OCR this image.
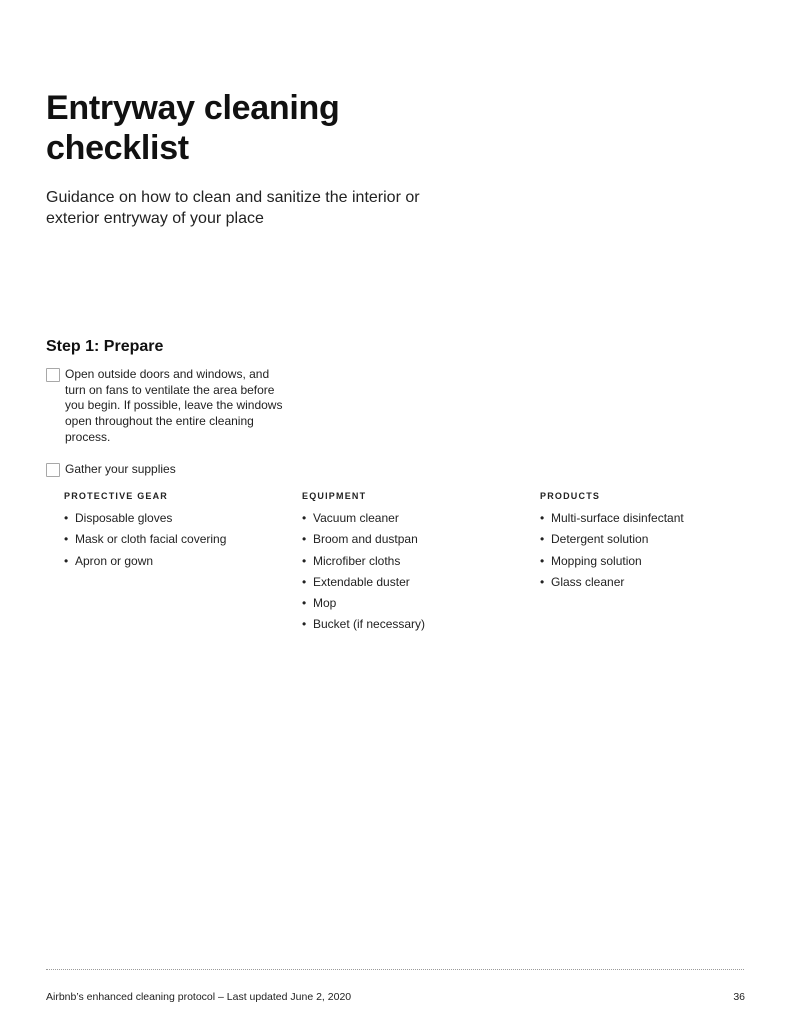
Entryway cleaning checklist

Guidance on how to clean and sanitize the interior or exterior entryway of your place

Step 1: Prepare
Open outside doors and windows, and turn on fans to ventilate the area before you begin. If possible, leave the windows open throughout the entire cleaning process.
Gather your supplies
PROTECTIVE GEAR
• Disposable gloves
• Mask or cloth facial covering
• Apron or gown
EQUIPMENT
• Vacuum cleaner
• Broom and dustpan
• Microfiber cloths
• Extendable duster
• Mop
• Bucket (if necessary)
PRODUCTS
• Multi-surface disinfectant
• Detergent solution
• Mopping solution
• Glass cleaner
Airbnb’s enhanced cleaning protocol – Last updated June 2, 2020	36
